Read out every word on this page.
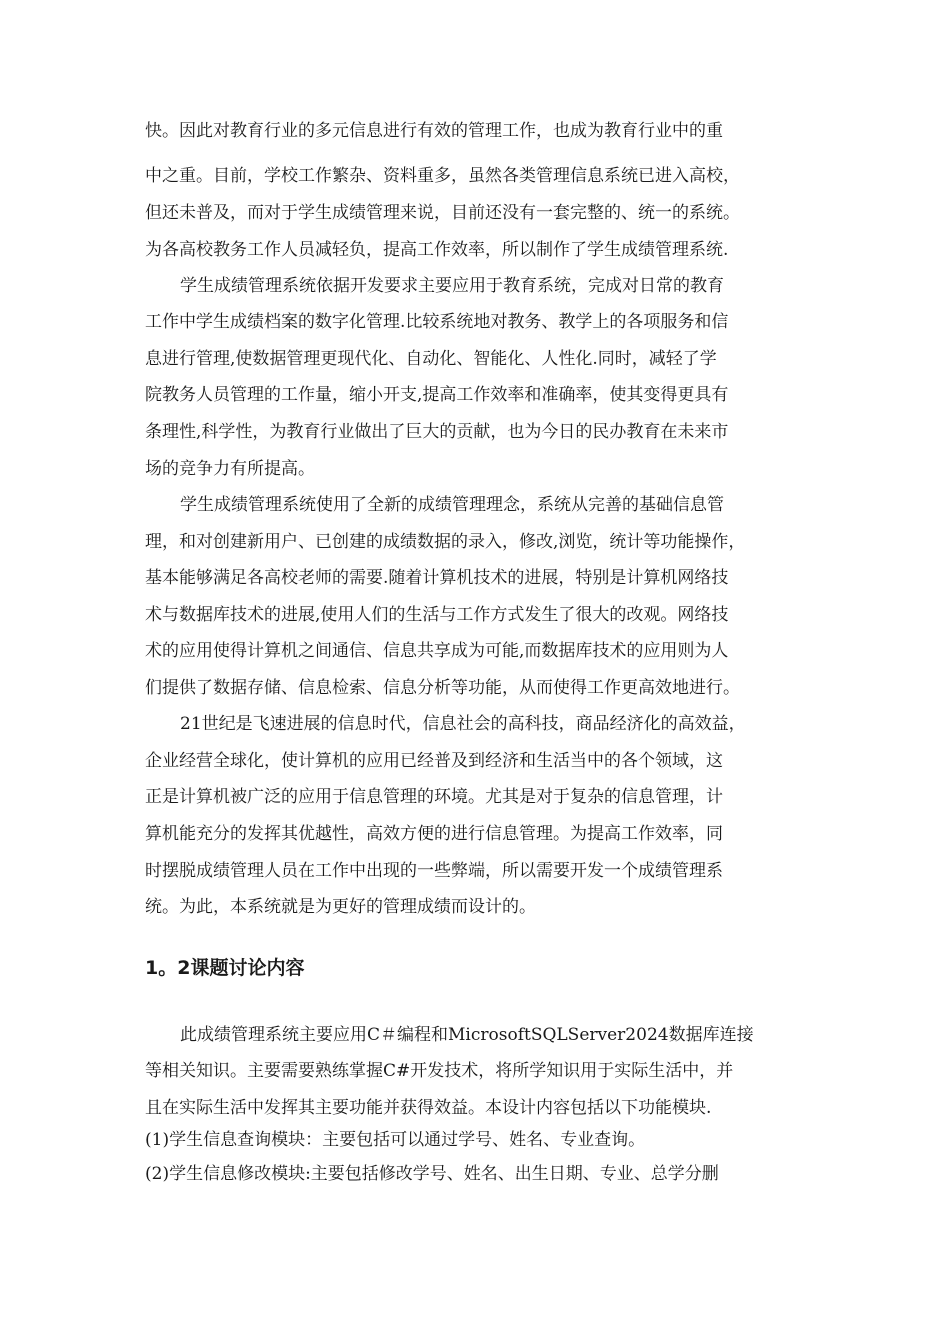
快。因此对教育行业的多元信息进行有效的管理工作，也成为教育行业中的重
中之重。目前，学校工作繁杂、资料重多，虽然各类管理信息系统已进入高校，
但还未普及，而对于学生成绩管理来说，目前还没有一套完整的、统一的系统。
为各高校教务工作人员减轻负，提高工作效率，所以制作了学生成绩管理系统.
学生成绩管理系统依据开发要求主要应用于教育系统，完成对日常的教育
工作中学生成绩档案的数字化管理.比较系统地对教务、教学上的各项服务和信
息进行管理,使数据管理更现代化、自动化、智能化、人性化.同时，减轻了学
院教务人员管理的工作量，缩小开支,提高工作效率和准确率，使其变得更具有
条理性,科学性，为教育行业做出了巨大的贡献，也为今日的民办教育在未来市
场的竞争力有所提高。
学生成绩管理系统使用了全新的成绩管理理念，系统从完善的基础信息管
理，和对创建新用户、已创建的成绩数据的录入，修改,浏览，统计等功能操作，
基本能够满足各高校老师的需要.随着计算机技术的进展，特别是计算机网络技
术与数据库技术的进展,使用人们的生活与工作方式发生了很大的改观。网络技
术的应用使得计算机之间通信、信息共享成为可能,而数据库技术的应用则为人
们提供了数据存储、信息检索、信息分析等功能，从而使得工作更高效地进行。
21世纪是飞速进展的信息时代，信息社会的高科技，商品经济化的高效益，
企业经营全球化，使计算机的应用已经普及到经济和生活当中的各个领域，这
正是计算机被广泛的应用于信息管理的环境。尤其是对于复杂的信息管理，计
算机能充分的发挥其优越性，高效方便的进行信息管理。为提高工作效率，同
时摆脱成绩管理人员在工作中出现的一些弊端，所以需要开发一个成绩管理系
统。为此，本系统就是为更好的管理成绩而设计的。
1。2课题讨论内容
此成绩管理系统主要应用C＃编程和MicrosoftSQLServer2024数据库连接
等相关知识。主要需要熟练掌握C#开发技术，将所学知识用于实际生活中，并
且在实际生活中发挥其主要功能并获得效益。本设计内容包括以下功能模块.
(1)学生信息查询模块：主要包括可以通过学号、姓名、专业查询。
(2)学生信息修改模块:主要包括修改学号、姓名、出生日期、专业、总学分删
